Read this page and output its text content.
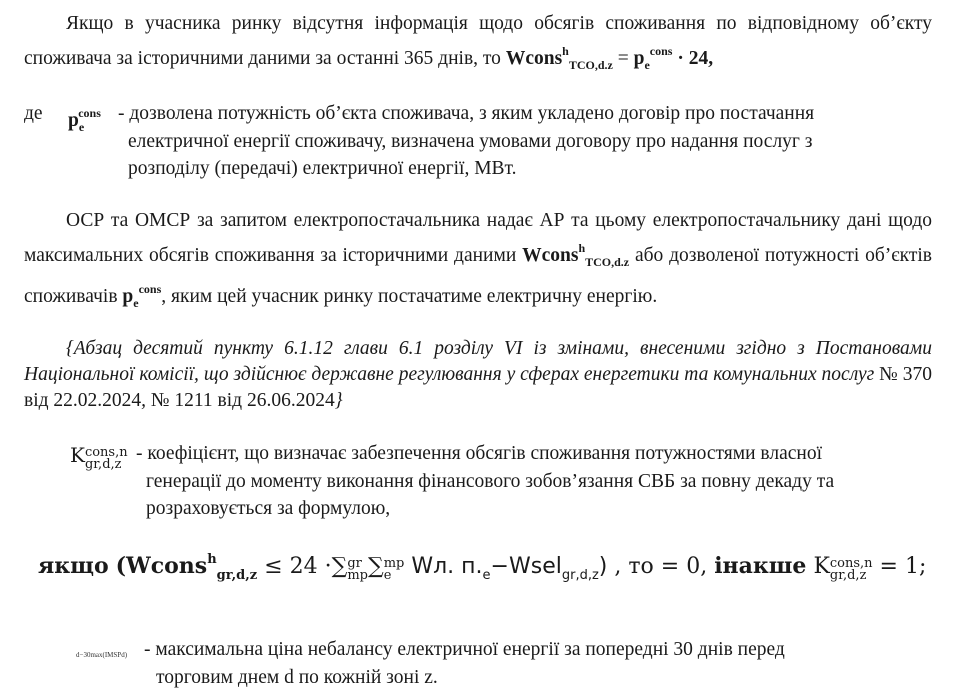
Якщо в учасника ринку відсутня інформація щодо обсягів споживання по відповідному об’єкту споживача за історичними даними за останні 365 днів, то Wcons$^h_{TCO,d.z}$ = $p_e^{cons} \cdot 24$,
де $p_e^{cons}$ - дозволена потужність об’єкта споживача, з яким укладено договір про постачання
електричної енергії споживачу, визначена умовами договору про надання послуг з
розподілу (передачі) електричної енергії, МВт.
ОСР та ОМСР за запитом електропостачальника надає АР та цьому електропостачальнику дані щодо максимальних обсягів споживання за історичними даними Wcons$^h_{TCO,d.z}$ або дозволеної потужності об’єктів споживачів $p_e^{cons}$, яким цей учасник ринку постачатиме електричну енергію.
{Абзац десятий пункту 6.1.12 глави 6.1 розділу VI із змінами, внесеними згідно з Постановами Національної комісії, що здійснює державне регулювання у сферах енергетики та комунальних послуг № 370 від 22.02.2024, № 1211 від 26.06.2024}
K cons,n
gr,d,z
- коефіцієнт, що визначає забезпечення обсягів споживання потужностями власної
генерації до моменту виконання фінансового зобов’язання СВБ за повну декаду та
розраховується за формулою,
якщо (Wcons$^h_{gr,d,z}$ ≤ 24 ·∑ gr
mp ∑ mp
e Wл. $п._e-Wsel_{gr,d,z}$) , то = 0, інакше K cons,n
gr,d,z = 1;
d−30max(IMSPd) - максимальна ціна небалансу електричної енергії за попередні 30 днів перед
торговим днем d по кожній зоні z.
